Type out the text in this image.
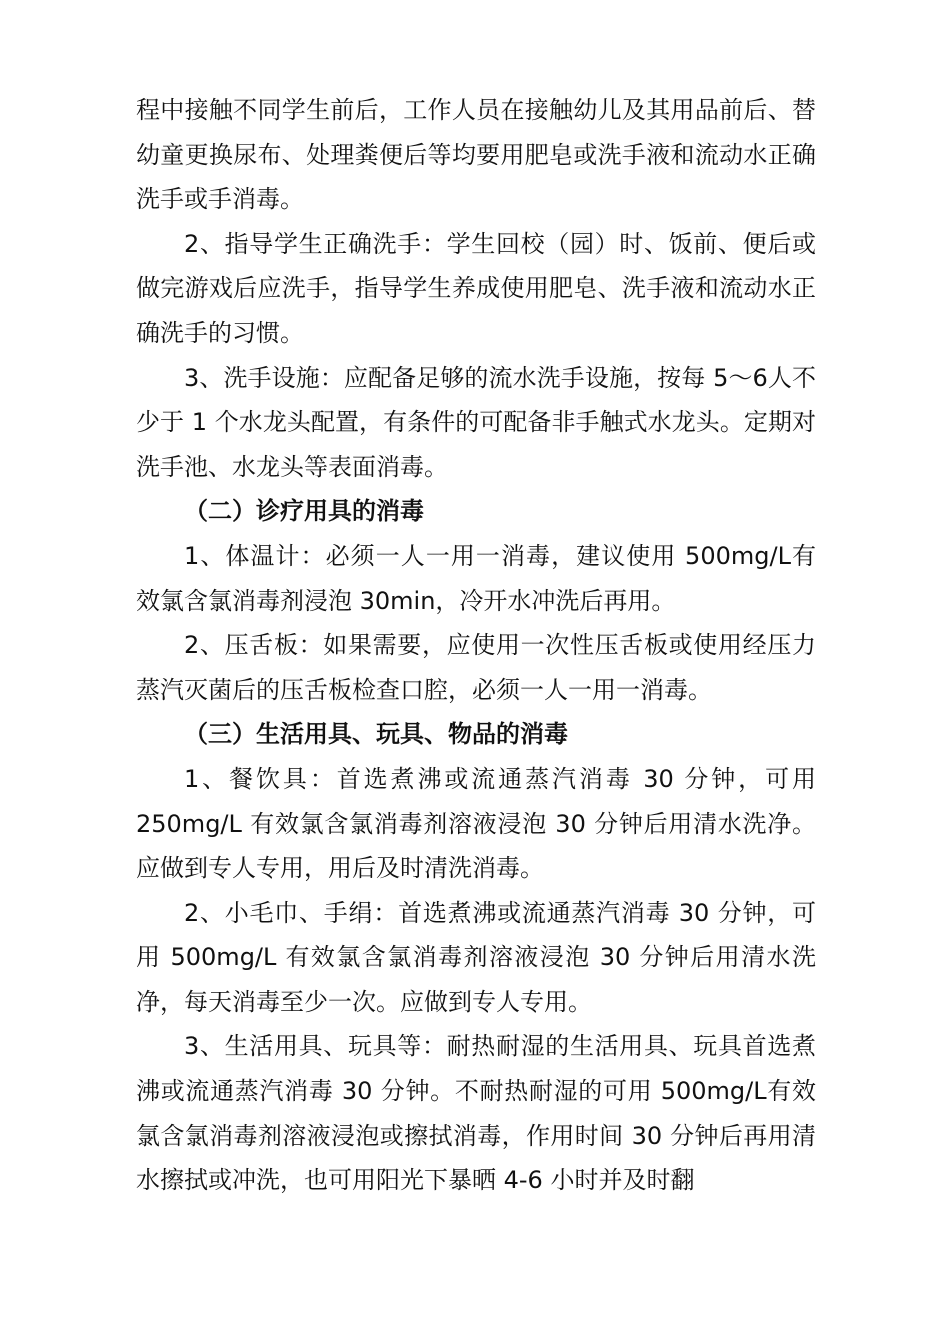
程中接触不同学生前后，工作人员在接触幼儿及其用品前后、替幼童更换尿布、处理粪便后等均要用肥皂或洗手液和流动水正确洗手或手消毒。

2、指导学生正确洗手：学生回校（园）时、饭前、便后或做完游戏后应洗手，指导学生养成使用肥皂、洗手液和流动水正确洗手的习惯。

3、洗手设施：应配备足够的流水洗手设施，按每 5～6人不少于 1 个水龙头配置，有条件的可配备非手触式水龙头。定期对洗手池、水龙头等表面消毒。

（二）诊疗用具的消毒

1、体温计：必须一人一用一消毒，建议使用 500mg/L有效氯含氯消毒剂浸泡 30min，冷开水冲洗后再用。

2、压舌板：如果需要，应使用一次性压舌板或使用经压力蒸汽灭菌后的压舌板检查口腔，必须一人一用一消毒。

（三）生活用具、玩具、物品的消毒

1、餐饮具：首选煮沸或流通蒸汽消毒 30 分钟，可用250mg/L 有效氯含氯消毒剂溶液浸泡 30 分钟后用清水洗净。应做到专人专用，用后及时清洗消毒。

2、小毛巾、手绢：首选煮沸或流通蒸汽消毒 30 分钟，可用 500mg/L 有效氯含氯消毒剂溶液浸泡 30 分钟后用清水洗净，每天消毒至少一次。应做到专人专用。

3、生活用具、玩具等：耐热耐湿的生活用具、玩具首选煮沸或流通蒸汽消毒 30 分钟。不耐热耐湿的可用 500mg/L有效氯含氯消毒剂溶液浸泡或擦拭消毒，作用时间 30 分钟后再用清水擦拭或冲洗，也可用阳光下暴晒 4-6 小时并及时翻
